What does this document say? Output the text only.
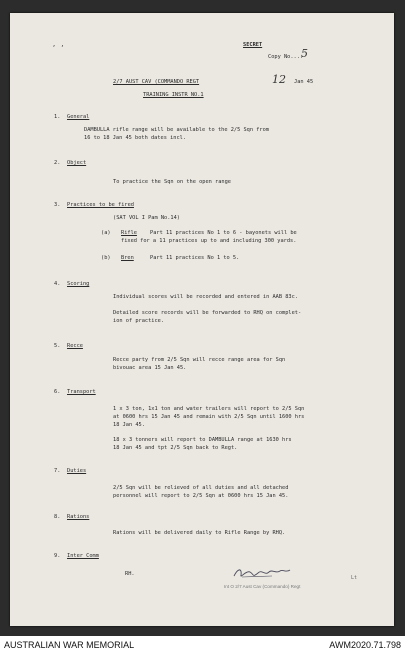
, ,	SECRET
Copy No....
5
2/7 AUST CAV (COMMANDO REGT	12 Jan 45
TRAINING INSTR NO.1
1. General
DAMBULLA rifle range will be available to the 2/5 Sqn from
16 to 18 Jan 45 both dates incl.
2. Object
To practice the Sqn on the open range
3. Practices to be fired
(SAT VOL I Pam No.14)
(a) Rifle Part 11 practices No 1 to 6 - bayonets will be
fixed for a 11 practices up to and including 300 yards.
(b) Bren	Part 11 practices No 1 to 5.
4. Scoring
Individual scores will be recorded and entered in AAB 83c.
Detailed score records will be forwarded to RHQ on complet-
ion of practice.
5. Recce
Recce party from 2/5 Sqn will recce range area for Sqn
bivouac area 15 Jan 45.
6. Transport
1 x 3 ton, 1x1 ton and water trailers will report to 2/5 Sqn
at 0600 hrs 15 Jan 45 and remain with 2/5 Sqn until 1600 hrs
18 Jan 45.
18 x 3 tonners will report to DAMBULLA range at 1630 hrs
18 Jan 45 and tpt 2/5 Sqn back to Regt.
7. Duties
2/5 Sqn will be relieved of all duties and all detached
personnel will report to 2/5 Sqn at 0600 hrs 15 Jan 45.
8. Rations
Rations will be delivered daily to Rifle Range by RHQ.
9. Inter Comm
RH.
Lt
Int O 2/7 Aust Cav (Commando) Regt
AUSTRALIAN WAR MEMORIAL	AWM2020.71.798
